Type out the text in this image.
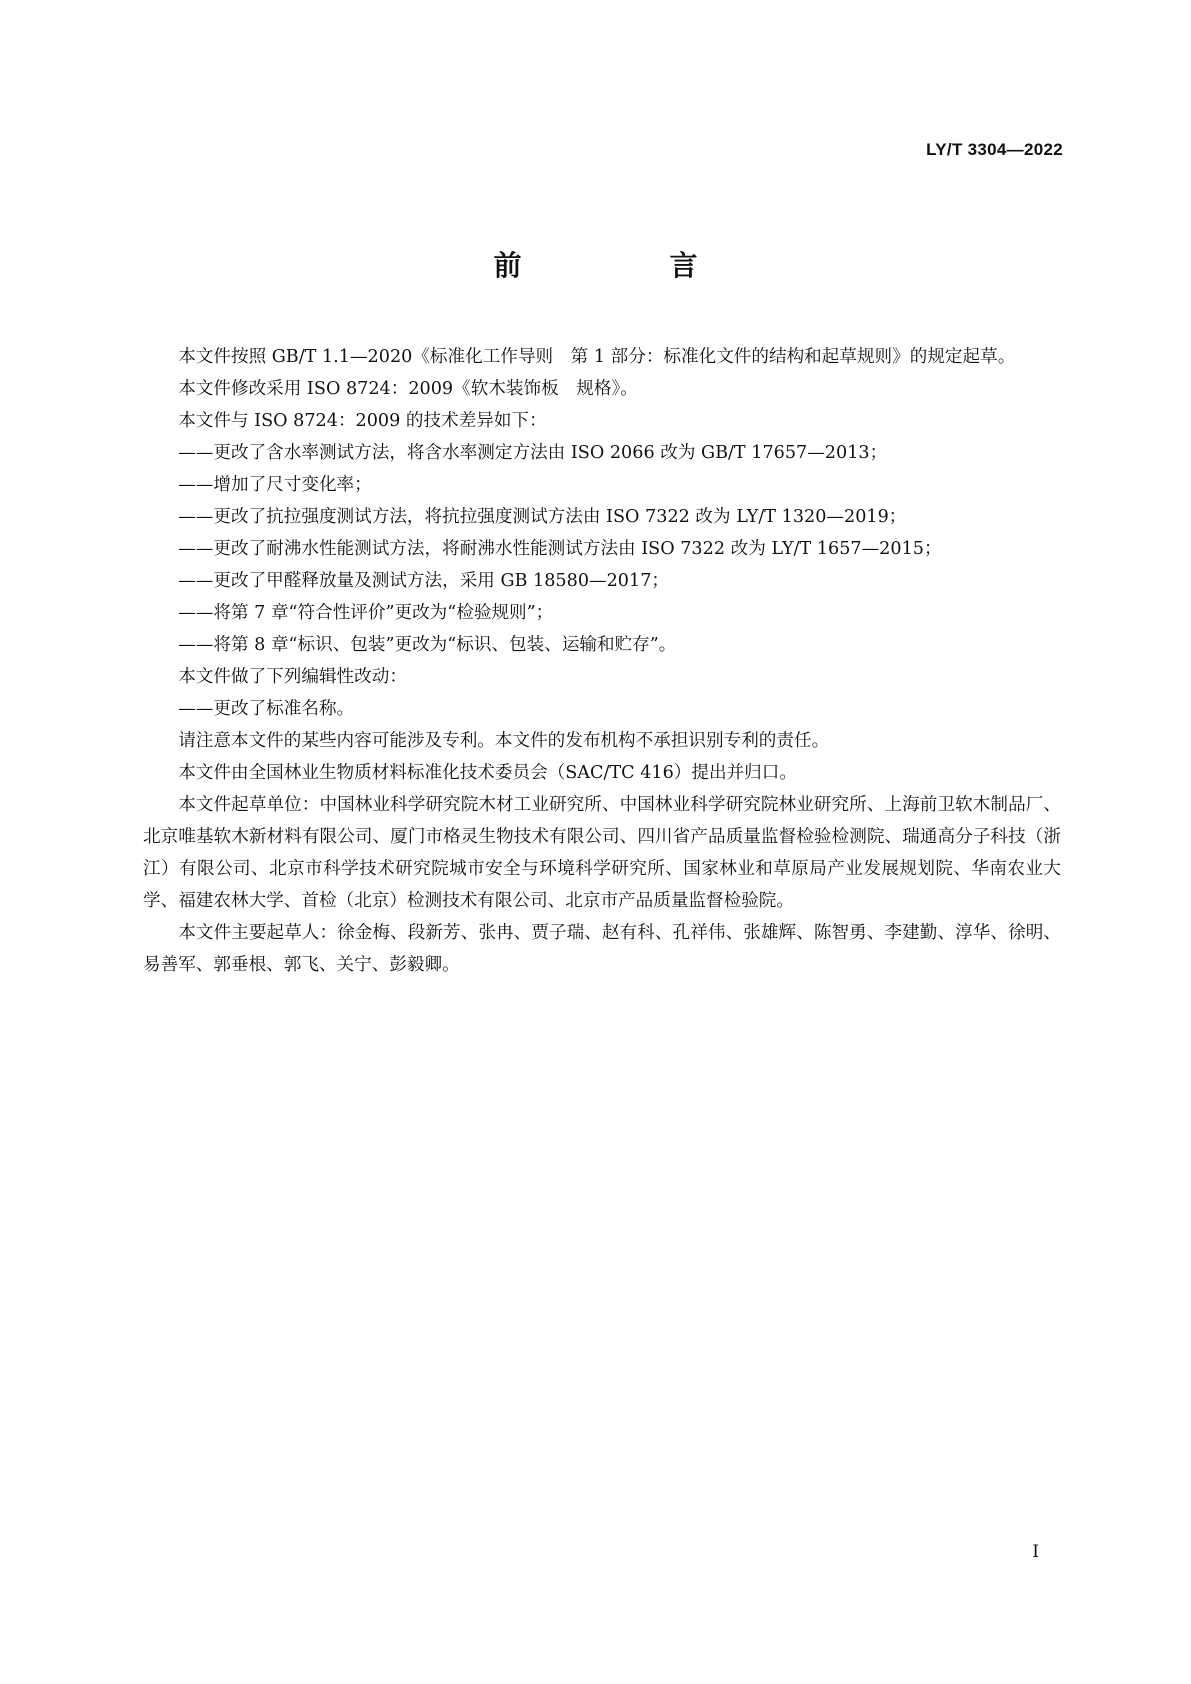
LY/T 3304—2022
前　言

本文件按照 GB/T 1.1—2020《标准化工作导则　第 1 部分：标准化文件的结构和起草规则》的规定起草。

本文件修改采用 ISO 8724：2009《软木装饰板　规格》。

本文件与 ISO 8724：2009 的技术差异如下：

——更改了含水率测试方法，将含水率测定方法由 ISO 2066 改为 GB/T 17657—2013；

——增加了尺寸变化率；

——更改了抗拉强度测试方法，将抗拉强度测试方法由 ISO 7322 改为 LY/T 1320—2019；

——更改了耐沸水性能测试方法，将耐沸水性能测试方法由 ISO 7322 改为 LY/T 1657—2015；

——更改了甲醛释放量及测试方法，采用 GB 18580—2017；

——将第 7 章“符合性评价”更改为“检验规则”；

——将第 8 章“标识、包装”更改为“标识、包装、运输和贮存”。

本文件做了下列编辑性改动：

——更改了标准名称。

请注意本文件的某些内容可能涉及专利。本文件的发布机构不承担识别专利的责任。

本文件由全国林业生物质材料标准化技术委员会（SAC/TC 416）提出并归口。

本文件起草单位：中国林业科学研究院木材工业研究所、中国林业科学研究院林业研究所、上海前卫软木制品厂、北京唯基软木新材料有限公司、厦门市格灵生物技术有限公司、四川省产品质量监督检验检测院、瑞通高分子科技（浙江）有限公司、北京市科学技术研究院城市安全与环境科学研究所、国家林业和草原局产业发展规划院、华南农业大学、福建农林大学、首检（北京）检测技术有限公司、北京市产品质量监督检验院。

本文件主要起草人：徐金梅、段新芳、张冉、贾子瑞、赵有科、孔祥伟、张雄辉、陈智勇、李建勤、淳华、徐明、易善军、郭垂根、郭飞、关宁、彭毅卿。

I
